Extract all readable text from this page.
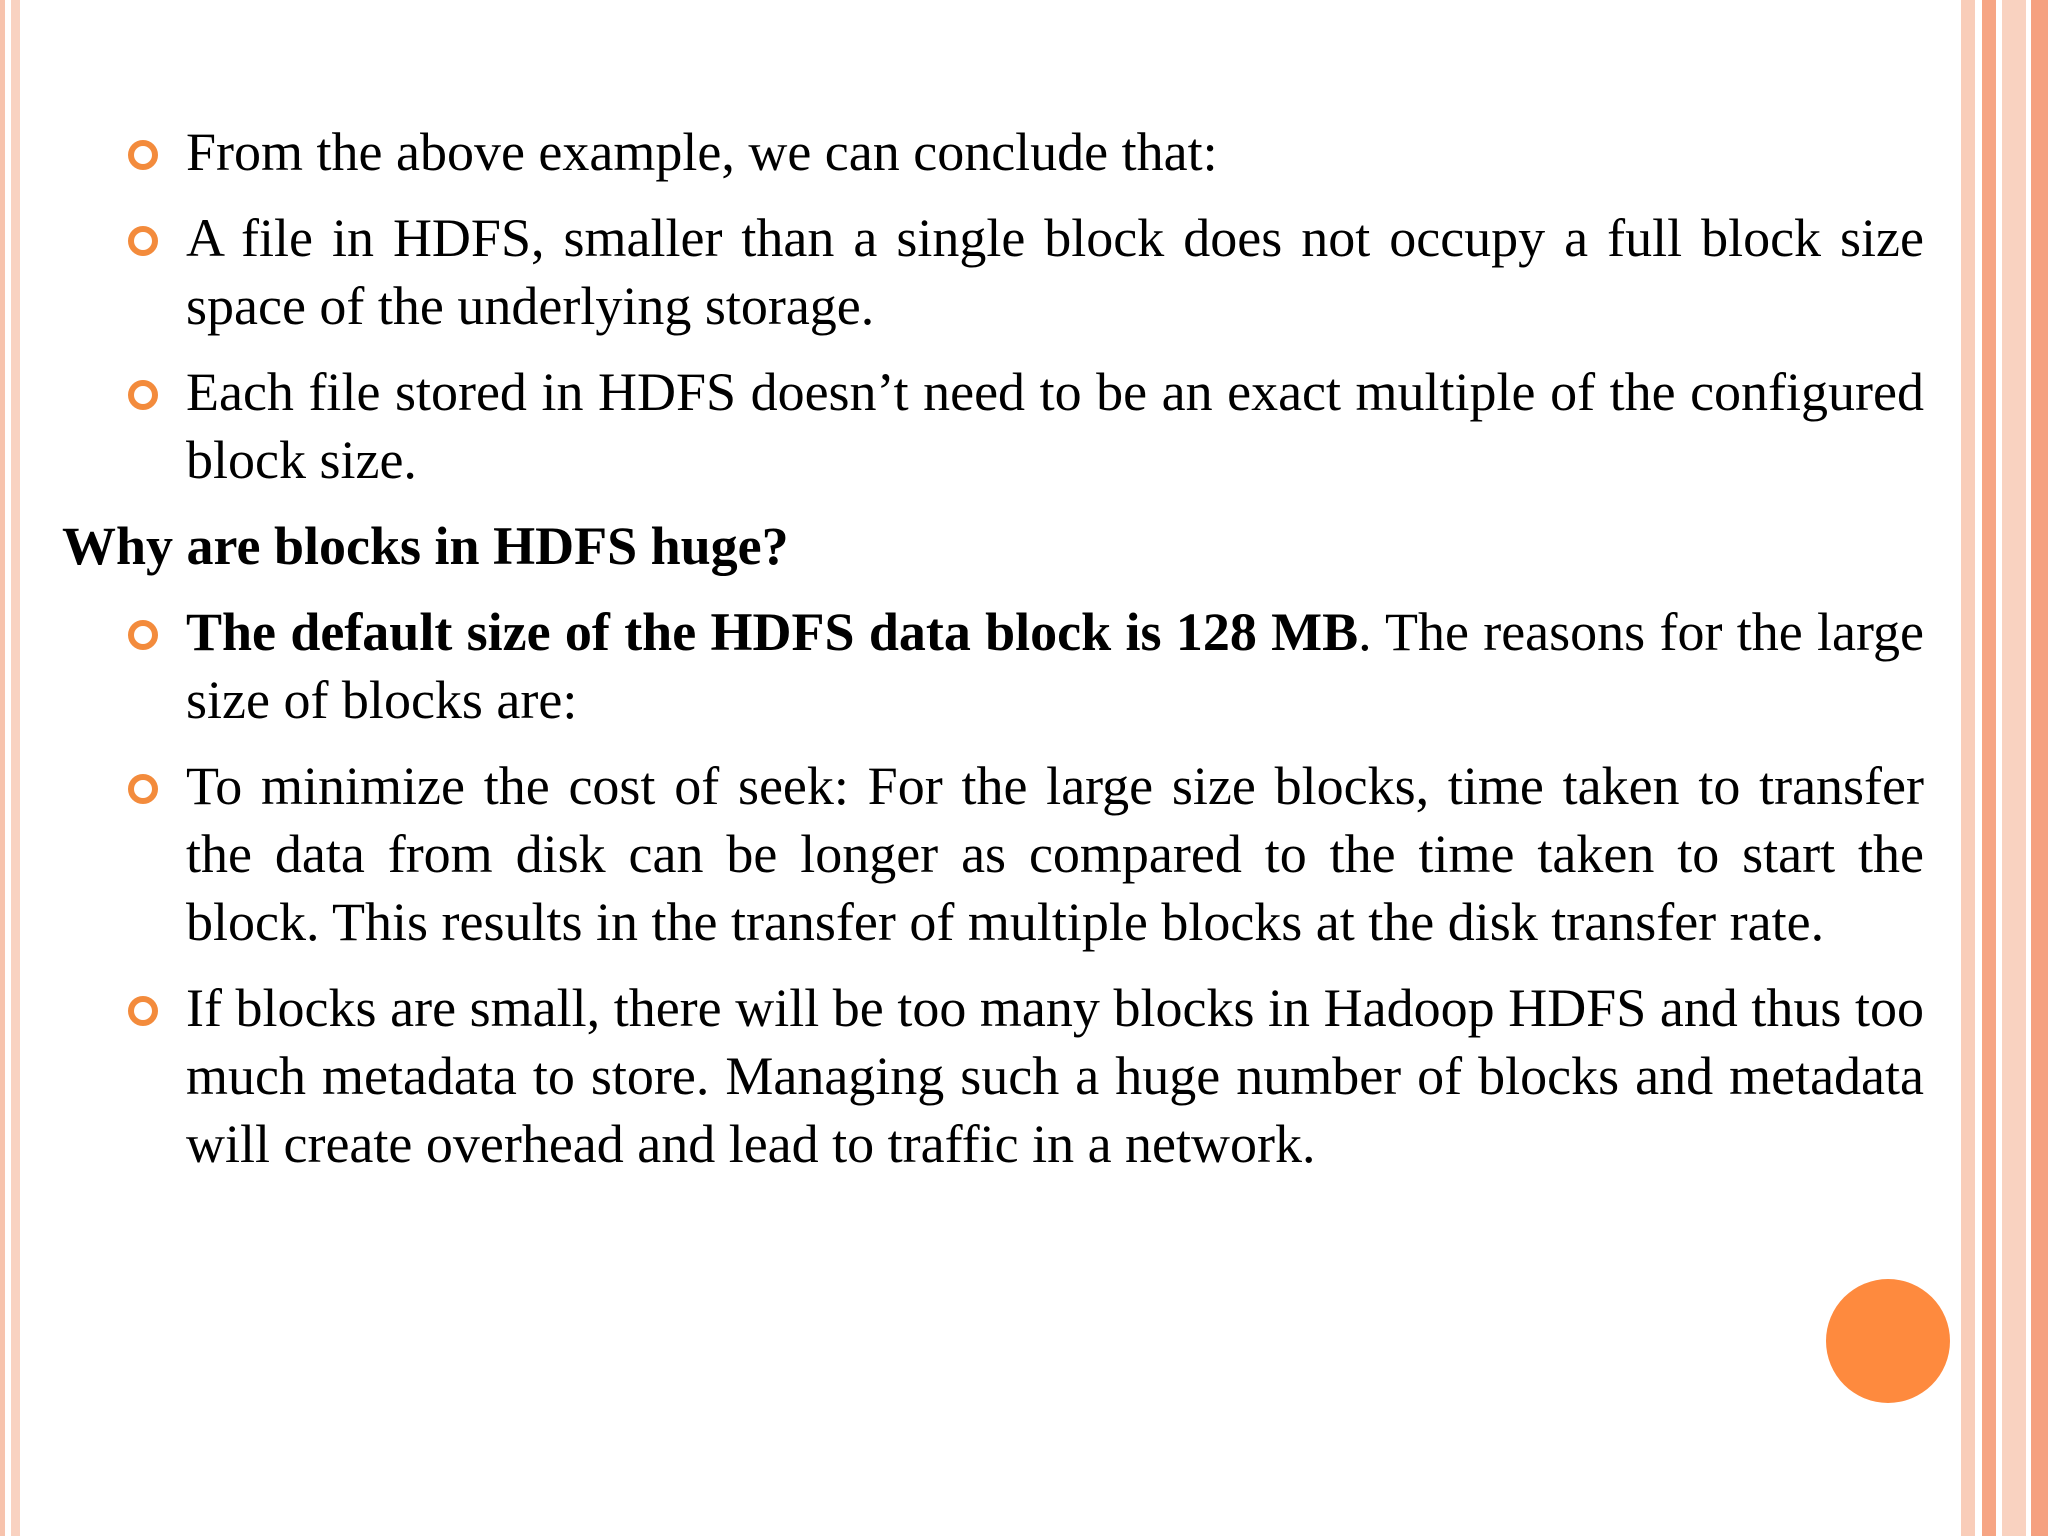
From the above example, we can conclude that:
A file in HDFS, smaller than a single block does not occupy a full block size space of the underlying storage.
Each file stored in HDFS doesn’t need to be an exact multiple of the configured block size.
Why are blocks in HDFS huge?
The default size of the HDFS data block is 128 MB. The reasons for the large size of blocks are:
To minimize the cost of seek: For the large size blocks, time taken to transfer the data from disk can be longer as compared to the time taken to start the block. This results in the transfer of multiple blocks at the disk transfer rate.
If blocks are small, there will be too many blocks in Hadoop HDFS and thus too much metadata to store. Managing such a huge number of blocks and metadata will create overhead and lead to traffic in a network.
